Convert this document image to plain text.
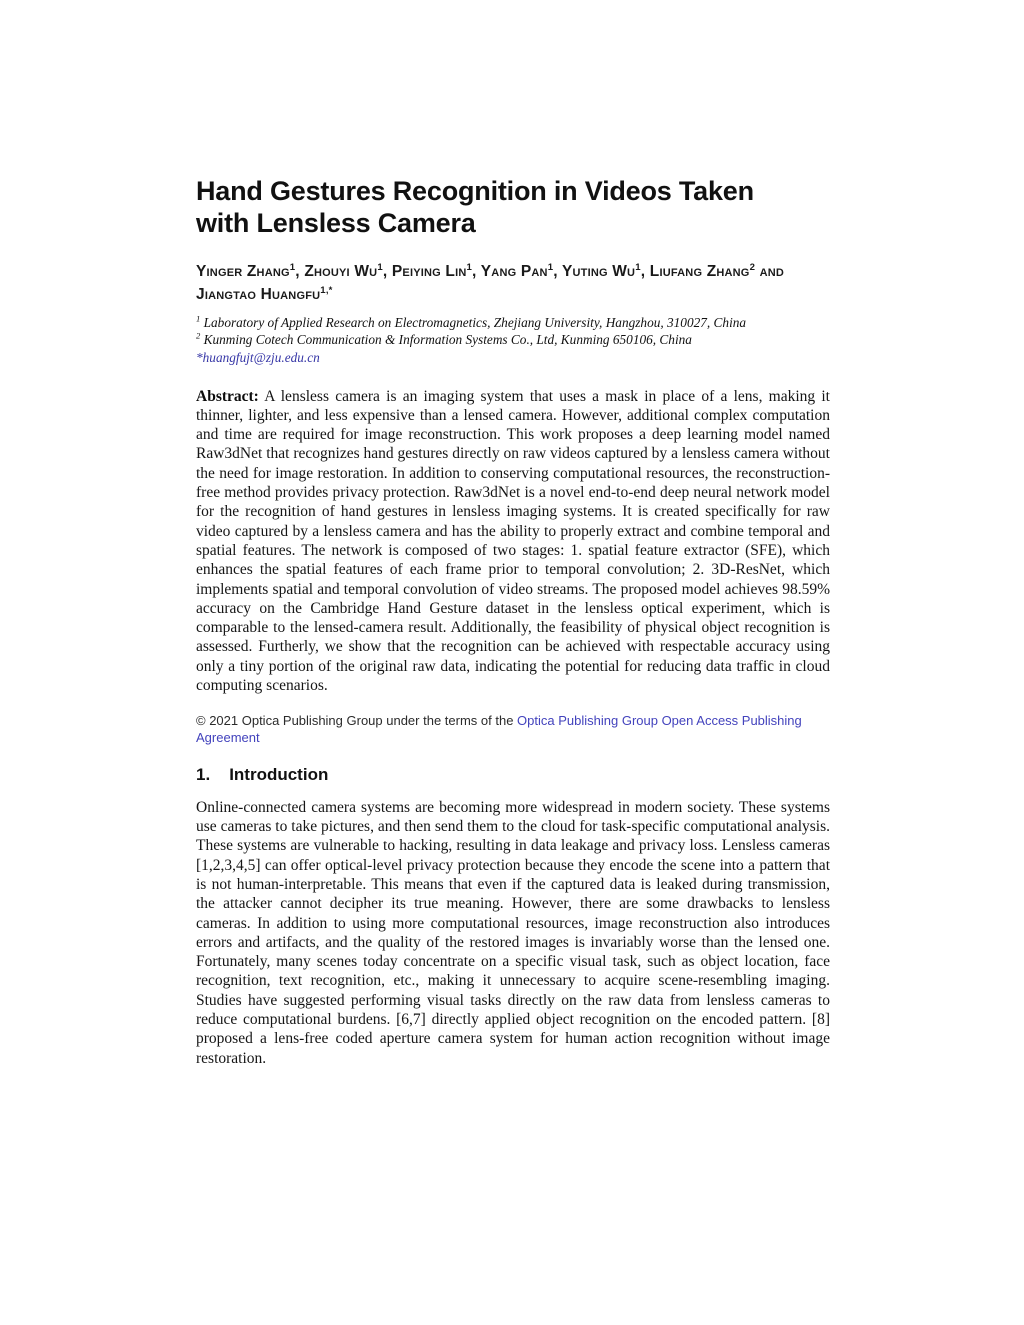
Hand Gestures Recognition in Videos Taken with Lensless Camera

Yinger Zhang$^1$, Zhouyi Wu$^1$, Peiying Lin$^1$, Yang Pan$^1$, Yuting Wu$^1$, Liufang Zhang$^2$ and Jiangtao Huangfu$^{1,*}$

$^1$ Laboratory of Applied Research on Electromagnetics, Zhejiang University, Hangzhou, 310027, China
$^2$ Kunming Cotech Communication & Information Systems Co., Ltd, Kunming 650106, China
*huangfujt@zju.edu.cn

Abstract: A lensless camera is an imaging system that uses a mask in place of a lens, making it thinner, lighter, and less expensive than a lensed camera. However, additional complex computation and time are required for image reconstruction. This work proposes a deep learning model named Raw3dNet that recognizes hand gestures directly on raw videos captured by a lensless camera without the need for image restoration. In addition to conserving computational resources, the reconstruction-free method provides privacy protection. Raw3dNet is a novel end-to-end deep neural network model for the recognition of hand gestures in lensless imaging systems. It is created specifically for raw video captured by a lensless camera and has the ability to properly extract and combine temporal and spatial features. The network is composed of two stages: 1. spatial feature extractor (SFE), which enhances the spatial features of each frame prior to temporal convolution; 2. 3D-ResNet, which implements spatial and temporal convolution of video streams. The proposed model achieves 98.59% accuracy on the Cambridge Hand Gesture dataset in the lensless optical experiment, which is comparable to the lensed-camera result. Additionally, the feasibility of physical object recognition is assessed. Furtherly, we show that the recognition can be achieved with respectable accuracy using only a tiny portion of the original raw data, indicating the potential for reducing data traffic in cloud computing scenarios.

© 2021 Optica Publishing Group under the terms of the Optica Publishing Group Open Access Publishing Agreement

1. Introduction

Online-connected camera systems are becoming more widespread in modern society. These systems use cameras to take pictures, and then send them to the cloud for task-specific computational analysis. These systems are vulnerable to hacking, resulting in data leakage and privacy loss. Lensless cameras [1,2,3,4,5] can offer optical-level privacy protection because they encode the scene into a pattern that is not human-interpretable. This means that even if the captured data is leaked during transmission, the attacker cannot decipher its true meaning. However, there are some drawbacks to lensless cameras. In addition to using more computational resources, image reconstruction also introduces errors and artifacts, and the quality of the restored images is invariably worse than the lensed one. Fortunately, many scenes today concentrate on a specific visual task, such as object location, face recognition, text recognition, etc., making it unnecessary to acquire scene-resembling imaging. Studies have suggested performing visual tasks directly on the raw data from lensless cameras to reduce computational burdens. [6,7] directly applied object recognition on the encoded pattern. [8] proposed a lens-free coded aperture camera system for human action recognition without image restoration.
